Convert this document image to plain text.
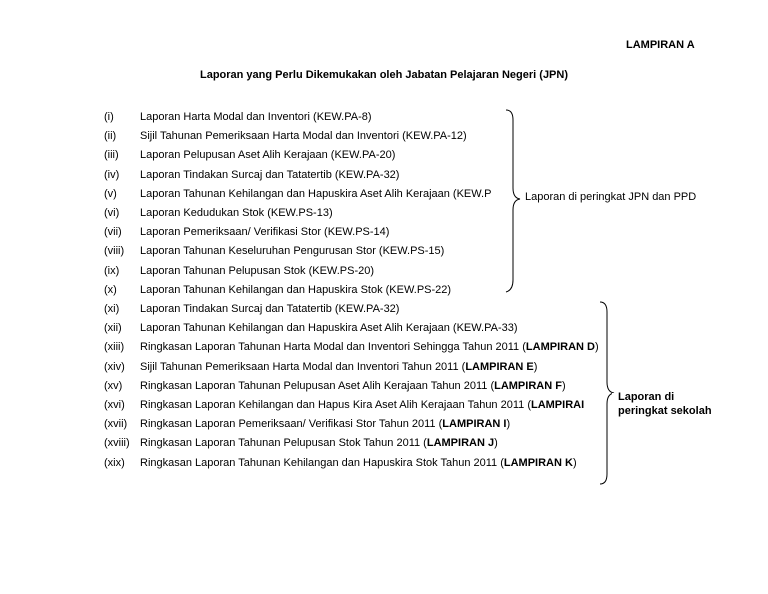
LAMPIRAN A
Laporan yang Perlu Dikemukakan oleh Jabatan Pelajaran Negeri (JPN)
(i)	Laporan Harta Modal dan Inventori (KEW.PA-8)
(ii)	Sijil Tahunan Pemeriksaan Harta Modal dan Inventori (KEW.PA-12)
(iii)	Laporan Pelupusan Aset Alih Kerajaan (KEW.PA-20)
(iv)	Laporan Tindakan Surcaj dan Tatatertib (KEW.PA-32)
(v)	Laporan Tahunan Kehilangan dan Hapuskira Aset Alih Kerajaan (KEW.P
(vi)	Laporan Kedudukan Stok (KEW.PS-13)
(vii)	Laporan Pemeriksaan/ Verifikasi Stor (KEW.PS-14)
(viii)	Laporan Tahunan Keseluruhan Pengurusan Stor (KEW.PS-15)
(ix)	Laporan Tahunan Pelupusan Stok (KEW.PS-20)
(x)	Laporan Tahunan Kehilangan dan Hapuskira Stok (KEW.PS-22)
(xi)	Laporan Tindakan Surcaj dan Tatatertib (KEW.PA-32)
(xii)	Laporan Tahunan Kehilangan dan Hapuskira Aset Alih Kerajaan (KEW.PA-33)
(xiii)	Ringkasan Laporan Tahunan Harta Modal dan Inventori Sehingga Tahun 2011 (LAMPIRAN D)
(xiv)	Sijil Tahunan Pemeriksaan Harta Modal dan Inventori Tahun 2011 (LAMPIRAN E)
(xv)	Ringkasan Laporan Tahunan Pelupusan Aset Alih Kerajaan Tahun 2011 (LAMPIRAN F)
(xvi)	Ringkasan Laporan Kehilangan dan Hapus Kira Aset Alih Kerajaan Tahun 2011 (LAMPIRAI
(xvii)	Ringkasan Laporan Pemeriksaan/ Verifikasi Stor Tahun 2011 (LAMPIRAN I)
(xviii) Ringkasan Laporan Tahunan Pelupusan Stok Tahun 2011 (LAMPIRAN J)
(xix)	Ringkasan Laporan Tahunan Kehilangan dan Hapuskira Stok Tahun 2011 (LAMPIRAN K)
Laporan di peringkat JPN dan PPD
Laporan di
peringkat sekolah
